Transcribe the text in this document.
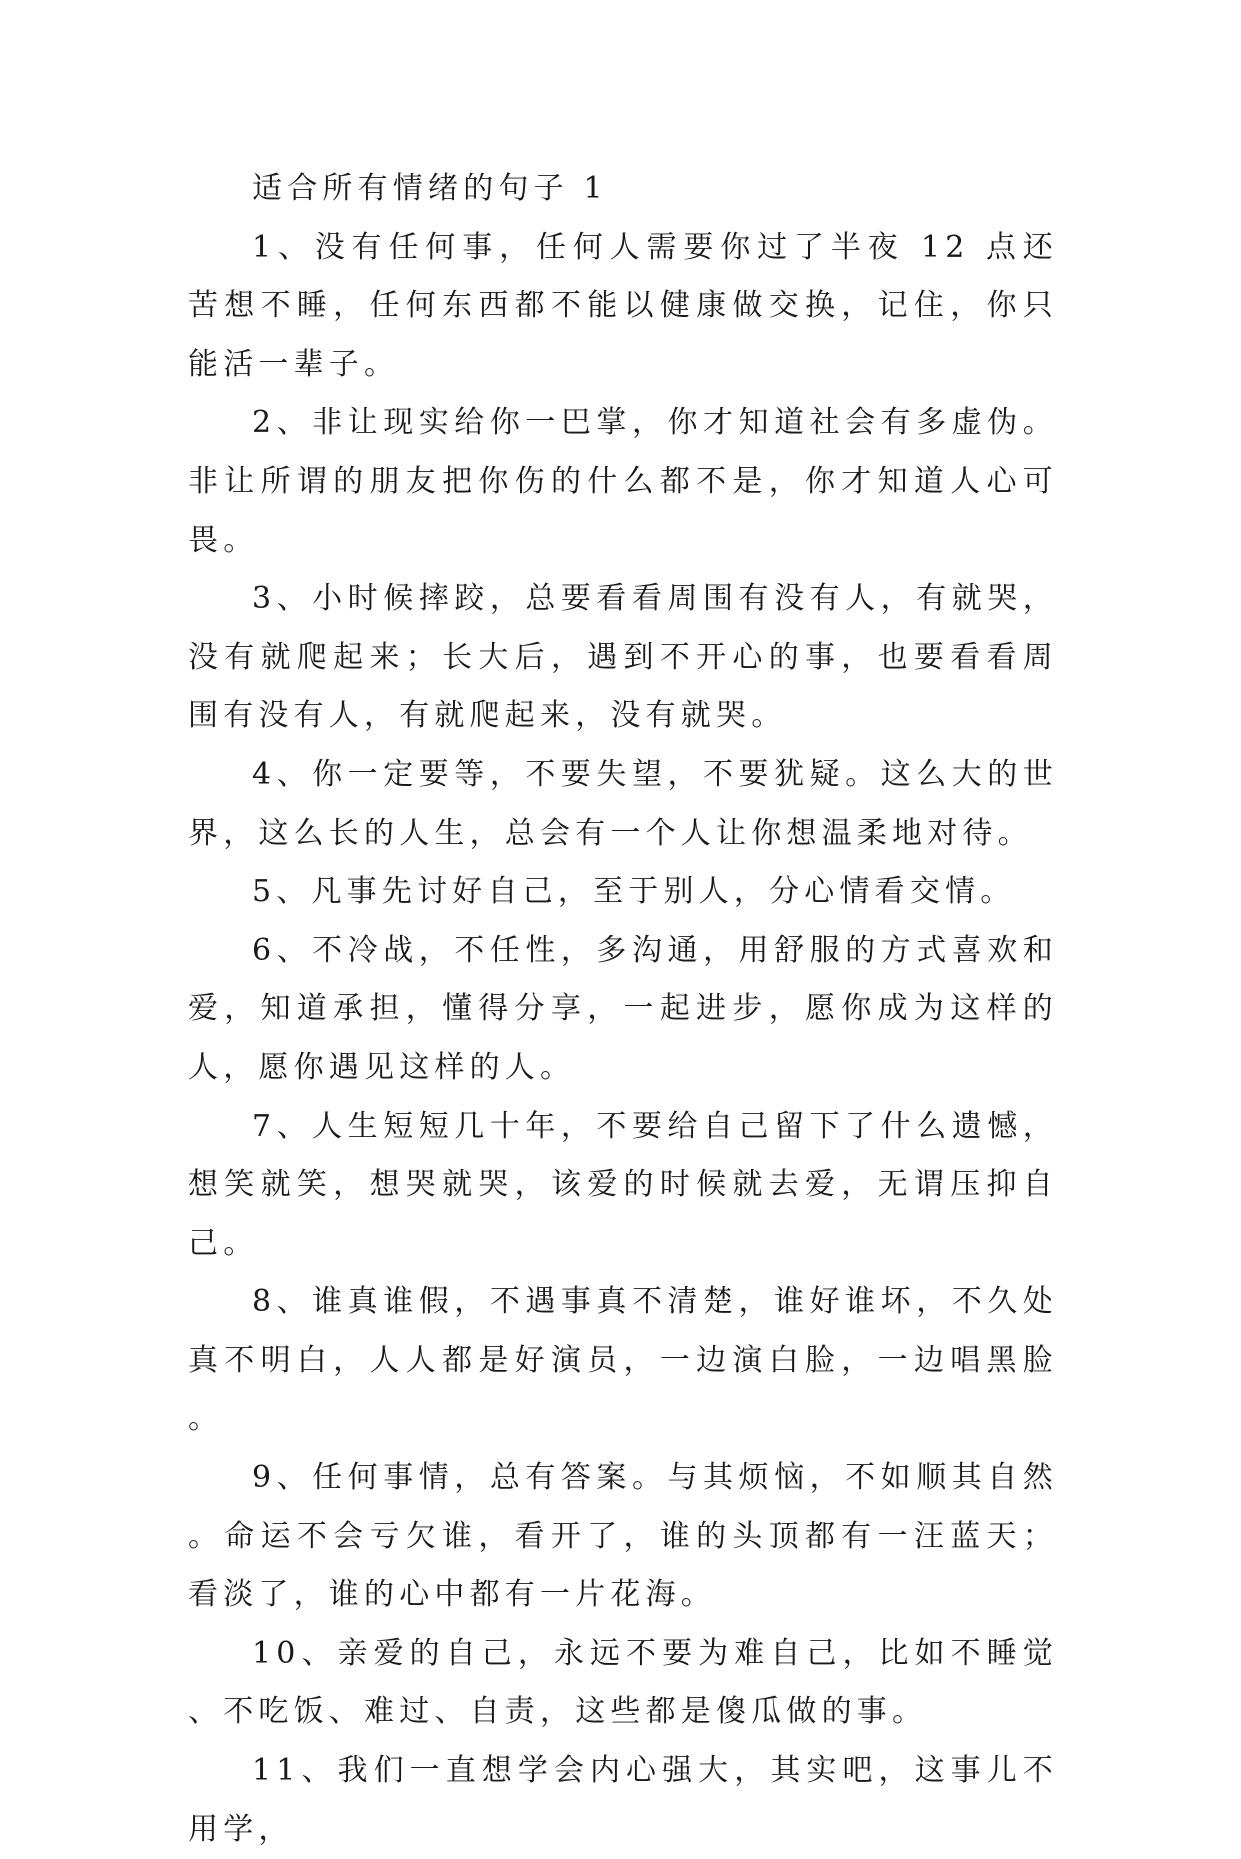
适合所有情绪的句子 1

1、没有任何事，任何人需要你过了半夜 12 点还苦想不睡，任何东西都不能以健康做交换，记住，你只能活一辈子。

2、非让现实给你一巴掌，你才知道社会有多虚伪。非让所谓的朋友把你伤的什么都不是，你才知道人心可畏。

3、小时候摔跤，总要看看周围有没有人，有就哭，没有就爬起来；长大后，遇到不开心的事，也要看看周围有没有人，有就爬起来，没有就哭。

4、你一定要等，不要失望，不要犹疑。这么大的世界，这么长的人生，总会有一个人让你想温柔地对待。

5、凡事先讨好自己，至于别人，分心情看交情。

6、不冷战，不任性，多沟通，用舒服的方式喜欢和爱，知道承担，懂得分享，一起进步，愿你成为这样的人，愿你遇见这样的人。

7、人生短短几十年，不要给自己留下了什么遗憾，想笑就笑，想哭就哭，该爱的时候就去爱，无谓压抑自己。

8、谁真谁假，不遇事真不清楚，谁好谁坏，不久处真不明白，人人都是好演员，一边演白脸，一边唱黑脸。

9、任何事情，总有答案。与其烦恼，不如顺其自然。命运不会亏欠谁，看开了，谁的头顶都有一汪蓝天；看淡了，谁的心中都有一片花海。

10、亲爱的自己，永远不要为难自己，比如不睡觉、不吃饭、难过、自责，这些都是傻瓜做的事。

11、我们一直想学会内心强大，其实吧，这事儿不用学，
